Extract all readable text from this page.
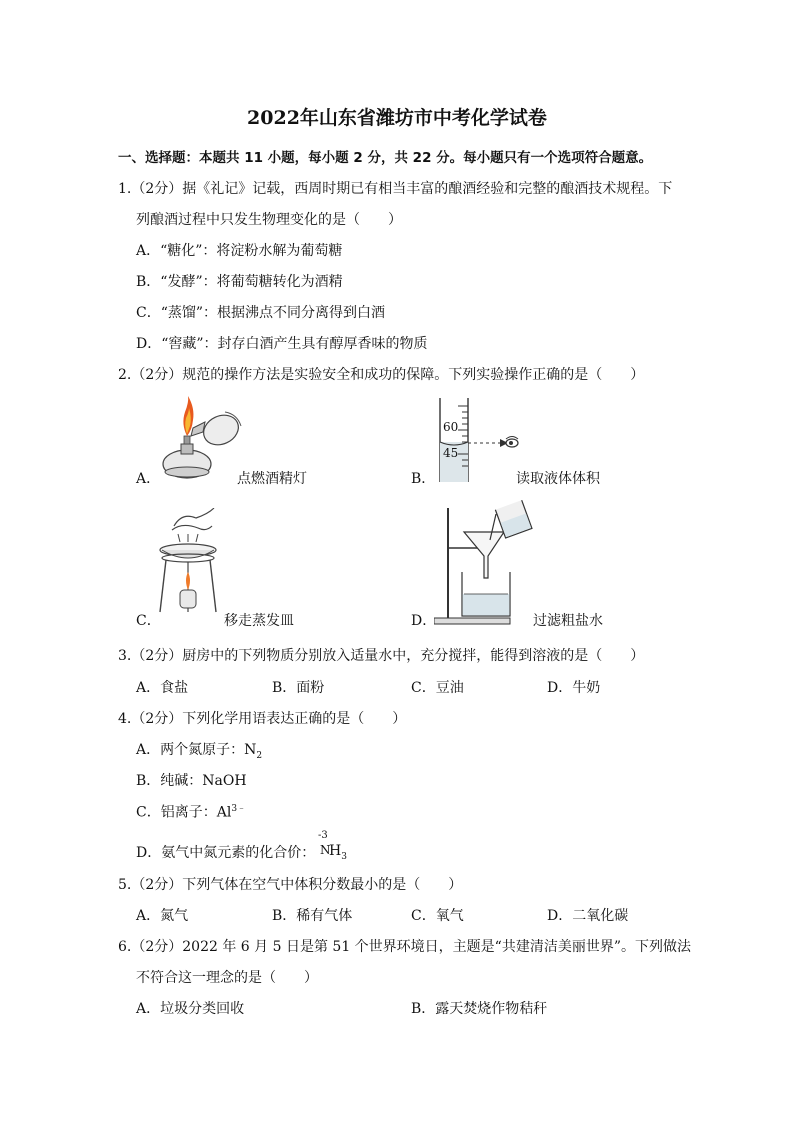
2022年山东省潍坊市中考化学试卷
一、选择题：本题共 11 小题，每小题 2 分，共 22 分。每小题只有一个选项符合题意。
1.（2分）据《礼记》记载，西周时期已有相当丰富的酿酒经验和完整的酿酒技术规程。下
列酿酒过程中只发生物理变化的是（　　）
A．“糖化”：将淀粉水解为葡萄糖
B．“发酵”：将葡萄糖转化为酒精
C．“蒸馏”：根据沸点不同分离得到白酒
D．“窖藏”：封存白酒产生具有醇厚香味的物质
2.（2分）规范的操作方法是实验安全和成功的保障。下列实验操作正确的是（　　）
A．	点燃酒精灯
60
45
B．	读取液体体积
C．	移走蒸发皿	D．	过滤粗盐水
3.（2分）厨房中的下列物质分别放入适量水中，充分搅拌，能得到溶液的是（　　）
A．食盐	B．面粉	C．豆油	D．牛奶
4.（2分）下列化学用语表达正确的是（　　）
A．两个氮原子：$N_2$
B．纯碱：NaOH
C．铝离子：$Al^{3﹣}$
D．氨气中氮元素的化合价：
-3
N
$H_3$
5.（2分）下列气体在空气中体积分数最小的是（　　）
A．氮气	B．稀有气体	C．氧气	D．二氧化碳
6.（2分）2022 年 6 月 5 日是第 51 个世界环境日，主题是“共建清洁美丽世界”。下列做法
不符合这一理念的是（　　）
A．垃圾分类回收	B．露天焚烧作物秸秆
